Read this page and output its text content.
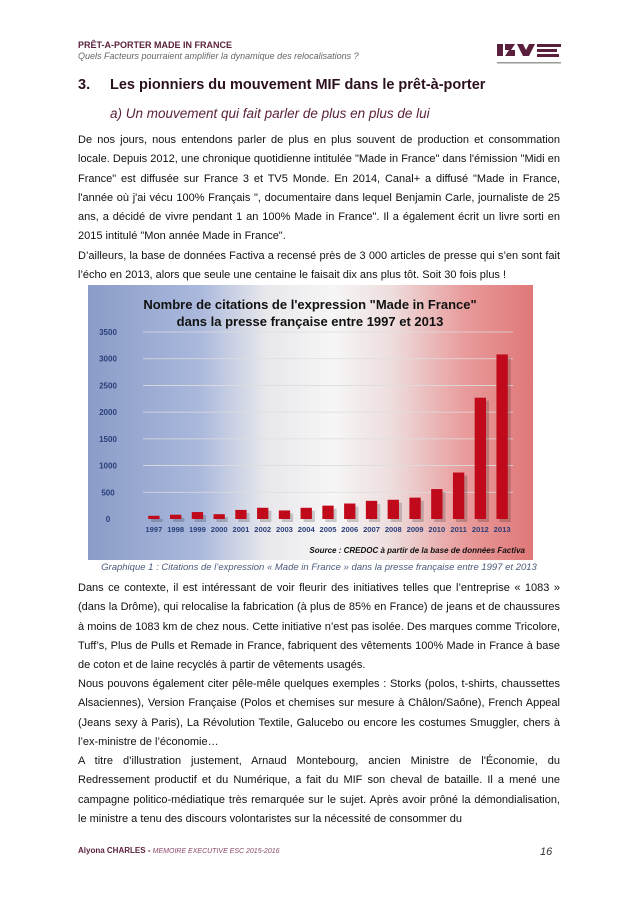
PRÊT-A-PORTER MADE IN FRANCE
Quels Facteurs pourraient amplifier la dynamique des relocalisations ?
3. Les pionniers du mouvement MIF dans le prêt-à-porter
a) Un mouvement qui fait parler de plus en plus de lui

De nos jours, nous entendons parler de plus en plus souvent de production et consommation locale. Depuis 2012, une chronique quotidienne intitulée "Made in France" dans l'émission "Midi en France" est diffusée sur France 3 et TV5 Monde. En 2014, Canal+ a diffusé "Made in France, l'année où j'ai vécu 100% Français ", documentaire dans lequel Benjamin Carle, journaliste de 25 ans, a décidé de vivre pendant 1 an 100% Made in France". Il a également écrit un livre sorti en 2015 intitulé "Mon année Made in France".

D’ailleurs, la base de données Factiva a recensé près de 3 000 articles de presse qui s’en sont fait l’écho en 2013, alors que seule une centaine le faisait dix ans plus tôt. Soit 30 fois plus !

Nombre de citations de l'expression "Made in France"
dans la presse française entre 1997 et 2013
0
500
1000
1500
2000
2500
3000
3500
1997 1998 1999 2000 2001 2002 2003 2004 2005 2006 2007 2008 2009 2010 2011 2012 2013
Source : CREDOC à partir de la base de données Factiva
Graphique 1 : Citations de l’expression « Made in France » dans la presse française entre 1997 et 2013

Dans ce contexte, il est intéressant de voir fleurir des initiatives telles que l’entreprise « 1083 » (dans la Drôme), qui relocalise la fabrication (à plus de 85% en France) de jeans et de chaussures à moins de 1083 km de chez nous. Cette initiative n’est pas isolée. Des marques comme Tricolore, Tuff’s, Plus de Pulls et Remade in France, fabriquent des vêtements 100% Made in France à base de coton et de laine recyclés à partir de vêtements usagés.

Nous pouvons également citer pêle-mêle quelques exemples : Storks (polos, t-shirts, chaussettes Alsaciennes), Version Française (Polos et chemises sur mesure à Châlon/Saône), French Appeal (Jeans sexy à Paris), La Révolution Textile, Galucebo ou encore les costumes Smuggler, chers à l’ex-ministre de l’économie…

A titre d’illustration justement, Arnaud Montebourg, ancien Ministre de l'Économie, du Redressement productif et du Numérique, a fait du MIF son cheval de bataille. Il a mené une campagne politico-médiatique très remarquée sur le sujet. Après avoir prôné la démondialisation, le ministre a tenu des discours volontaristes sur la nécessité de consommer du

Alyona CHARLES - MEMOIRE EXECUTIVE ESC 2015-2016	16
